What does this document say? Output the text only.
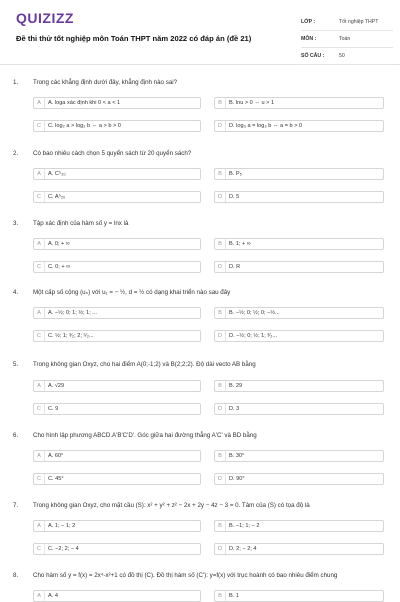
QUIZIZZ
Đề thi thử tốt nghiệp môn Toán THPT năm 2022 có đáp án (đề 21)
LỚP :	Tốt nghiệp THPT
MÔN :	Toán
SỐ CÂU :	50
1. Trong các khẳng định dưới đây, khẳng định nào sai?
A	A. loga xác định khi 0 < a < 1	B	B. lnu > 0 ⇔ u > 1
C	C. log₂ a > log₂ b ⇔ a > b > 0	D	D. log₃ a = log₃ b ⇔ a = b > 0
2. Có bao nhiêu cách chọn 5 quyển sách từ 20 quyển sách?
A	A. C⁵₂₀	B	B. P₅
C	C. A⁵₂₀	D	D. 5
3. Tập xác định của hàm số y = lnx là
A	A. 0; + ∞	B	B. 1; + ∞
C	C. 0; + ∞	D	D. R
4. Một cấp số cộng (uₙ) với u₁ = − ½, d = ½ có dạng khai triển nào sau đây
A	A. −½; 0; 1; ½; 1; ...	B	B. −½; 0; ½; 0; −½...
C	C. ½; 1; ³⁄₂; 2; ⁵⁄₂...	D	D. −½; 0; ½; 1; ³⁄₂...
5. Trong không gian Oxyz, cho hai điểm A(0;-1;2) và B(2;2;2). Độ dài vecto AB bằng
A	A. √29	B	B. 29
C	C. 9	D	D. 3
6. Cho hình lập phương ABCD.A'B'C'D'. Góc giữa hai đường thẳng A'C' và BD bằng
A	A. 60°	B	B. 30°
C	C. 45°	D	D. 90°
7. Trong không gian Oxyz, cho mặt cầu (S): x² + y² + z² − 2x + 2y − 4z − 3 = 0. Tâm của (S) có tọa độ là
A	A. 1; − 1; 2	B	B. −1; 1; − 2
C	C. −2; 2; − 4	D	D. 2; − 2; 4
8. Cho hàm số y = f(x) = 2x⁴-x²+1 có đồ thị (C). Đồ thị hàm số (C'): y=f(x) với trục hoành có bao nhiêu điểm chung
A	A. 4	B	B. 1
